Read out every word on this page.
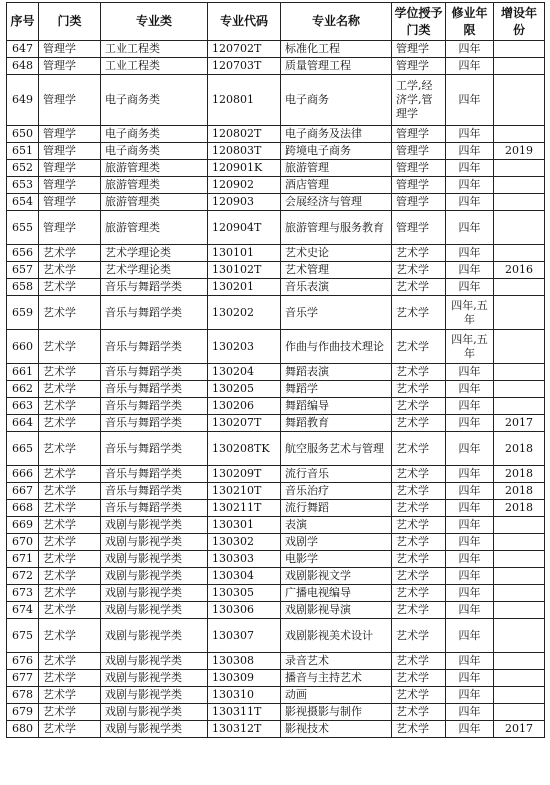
序号	门类	专业类	专业代码	专业名称	学位授予门类	修业年限	增设年份
647	管理学	工业工程类	120702T	标准化工程	管理学	四年	
648	管理学	工业工程类	120703T	质量管理工程	管理学	四年	
649	管理学	电子商务类	120801	电子商务	工学,经济学,管理学	四年	
650	管理学	电子商务类	120802T	电子商务及法律	管理学	四年	
651	管理学	电子商务类	120803T	跨境电子商务	管理学	四年	2019
652	管理学	旅游管理类	120901K	旅游管理	管理学	四年	
653	管理学	旅游管理类	120902	酒店管理	管理学	四年	
654	管理学	旅游管理类	120903	会展经济与管理	管理学	四年	
655	管理学	旅游管理类	120904T	旅游管理与服务教育	管理学	四年	
656	艺术学	艺术学理论类	130101	艺术史论	艺术学	四年	
657	艺术学	艺术学理论类	130102T	艺术管理	艺术学	四年	2016
658	艺术学	音乐与舞蹈学类	130201	音乐表演	艺术学	四年	
659	艺术学	音乐与舞蹈学类	130202	音乐学	艺术学	四年,五年	
660	艺术学	音乐与舞蹈学类	130203	作曲与作曲技术理论	艺术学	四年,五年	
661	艺术学	音乐与舞蹈学类	130204	舞蹈表演	艺术学	四年	
662	艺术学	音乐与舞蹈学类	130205	舞蹈学	艺术学	四年	
663	艺术学	音乐与舞蹈学类	130206	舞蹈编导	艺术学	四年	
664	艺术学	音乐与舞蹈学类	130207T	舞蹈教育	艺术学	四年	2017
665	艺术学	音乐与舞蹈学类	130208TK	航空服务艺术与管理	艺术学	四年	2018
666	艺术学	音乐与舞蹈学类	130209T	流行音乐	艺术学	四年	2018
667	艺术学	音乐与舞蹈学类	130210T	音乐治疗	艺术学	四年	2018
668	艺术学	音乐与舞蹈学类	130211T	流行舞蹈	艺术学	四年	2018
669	艺术学	戏剧与影视学类	130301	表演	艺术学	四年	
670	艺术学	戏剧与影视学类	130302	戏剧学	艺术学	四年	
671	艺术学	戏剧与影视学类	130303	电影学	艺术学	四年	
672	艺术学	戏剧与影视学类	130304	戏剧影视文学	艺术学	四年	
673	艺术学	戏剧与影视学类	130305	广播电视编导	艺术学	四年	
674	艺术学	戏剧与影视学类	130306	戏剧影视导演	艺术学	四年	
675	艺术学	戏剧与影视学类	130307	戏剧影视美术设计	艺术学	四年	
676	艺术学	戏剧与影视学类	130308	录音艺术	艺术学	四年	
677	艺术学	戏剧与影视学类	130309	播音与主持艺术	艺术学	四年	
678	艺术学	戏剧与影视学类	130310	动画	艺术学	四年	
679	艺术学	戏剧与影视学类	130311T	影视摄影与制作	艺术学	四年	
680	艺术学	戏剧与影视学类	130312T	影视技术	艺术学	四年	2017
